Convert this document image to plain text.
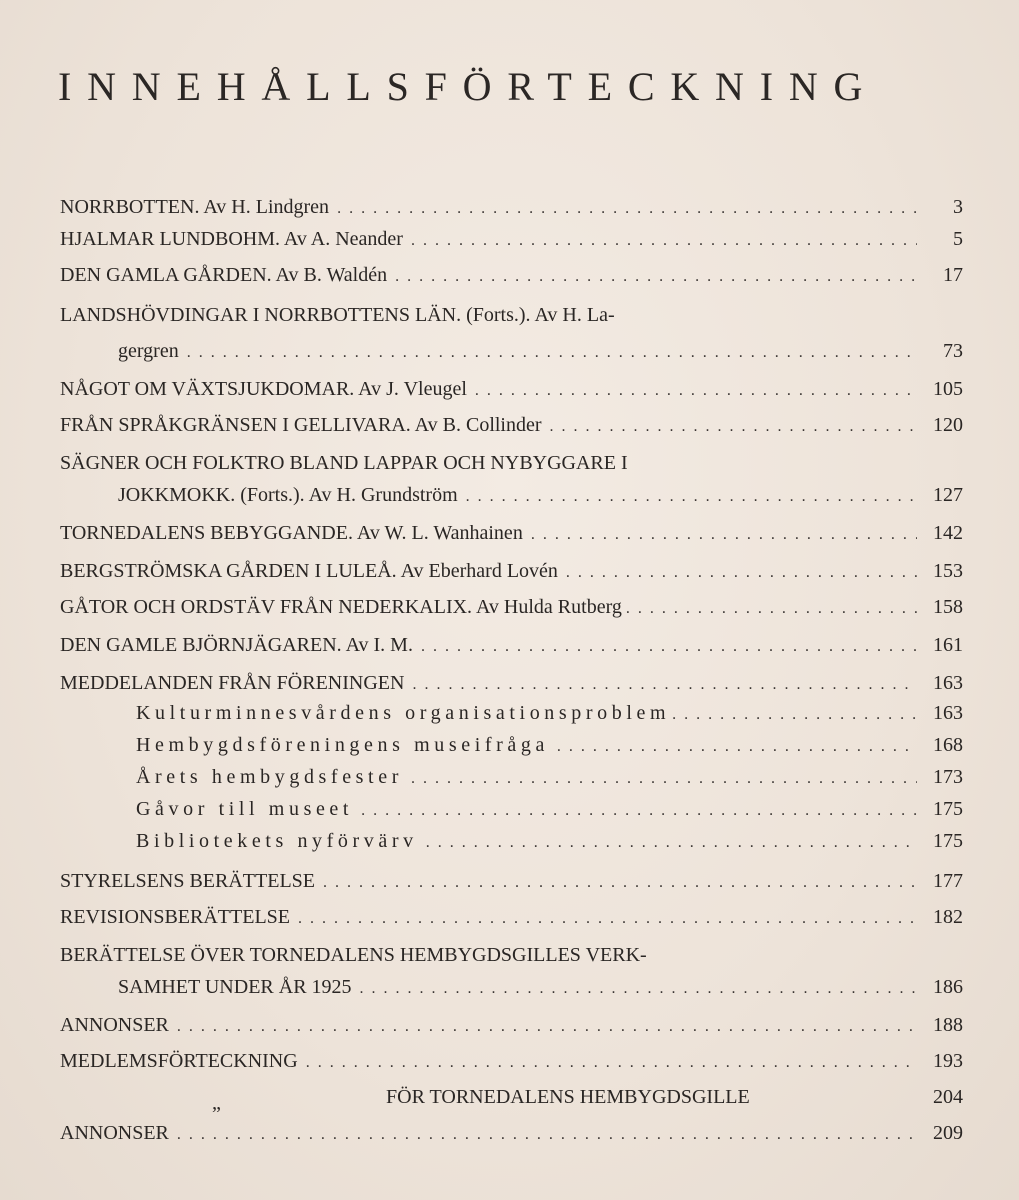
INNEHÅLLSFÖRTECKNING
NORRBOTTEN. Av H. Lindgren . . .	3
HJALMAR LUNDBOHM. Av A. Neander . . .	5
DEN GAMLA GÅRDEN. Av B. Waldén . . .	17
LANDSHÖVDINGAR I NORRBOTTENS LÄN. (Forts.). Av H. La-
gergren . . .	73
NÅGOT OM VÄXTSJUKDOMAR. Av J. Vleugel . . .	105
FRÅN SPRÅKGRÄNSEN I GELLIVARA. Av B. Collinder . . .	120
SÄGNER OCH FOLKTRO BLAND LAPPAR OCH NYBYGGARE I
JOKKMOKK. (Forts.). Av H. Grundström . . .	127
TORNEDALENS BEBYGGANDE. Av W. L. Wanhainen . . .	142
BERGSTRÖMSKA GÅRDEN I LULEÅ. Av Eberhard Lovén . . .	153
GÅTOR OCH ORDSTÄV FRÅN NEDERKALIX. Av Hulda Rutberg . . .	158
DEN GAMLE BJÖRNJÄGAREN. Av I. M. . . .	161
MEDDELANDEN FRÅN FÖRENINGEN . . .	163
Kulturminnesvårdens organisationsproblem . . .	163
Hembygdsföreningens museifråga . . .	168
Årets hembygdsfester . . .	173
Gåvor till museet . . .	175
Bibliotekets nyförvärv . . .	175
STYRELSENS BERÄTTELSE . . .	177
REVISIONSBERÄTTELSE . . .	182
BERÄTTELSE ÖVER TORNEDALENS HEMBYGDSGILLES VERK-
SAMHET UNDER ÅR 1925 . . .	186
ANNONSER . . .	188
MEDLEMSFÖRTECKNING . . .	193
FÖR TORNEDALENS HEMBYGDSGILLE	204
„
ANNONSER . . .	209
